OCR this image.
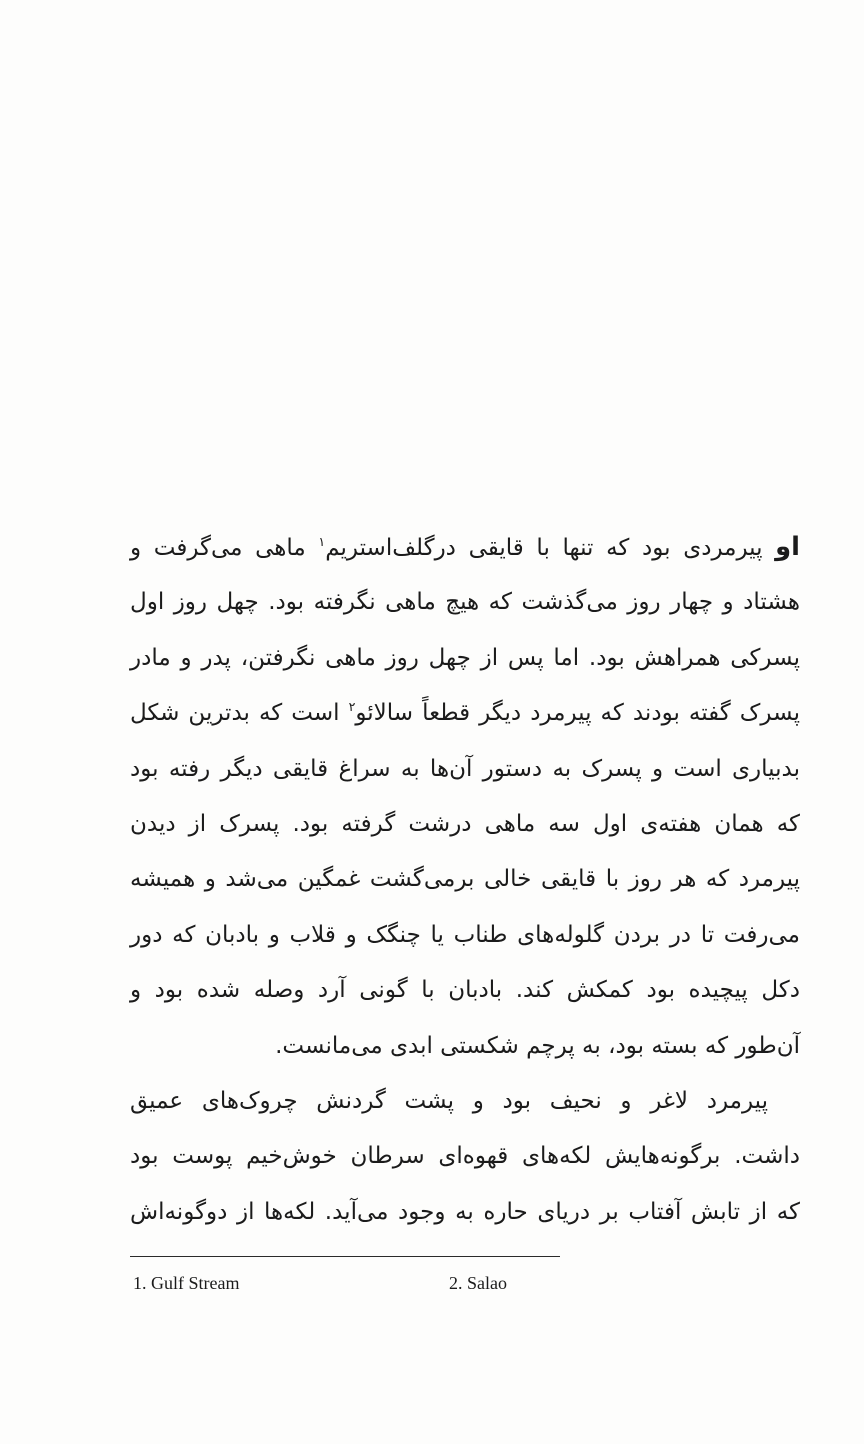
او پیرمردی بود که تنها با قایقی درگلف‌استریم$^۱$ ماهی می‌گرفت و
هشتاد و چهار روز می‌گذشت که هیچ ماهی نگرفته بود. چهل روز اول
پسرکی همراهش بود. اما پس از چهل روز ماهی نگرفتن، پدر و مادر
پسرک گفته بودند که پیرمرد دیگر قطعاً سالائو$^۲$ است که بدترین شکل
بدبیاری است و پسرک به دستور آن‌ها به سراغ قایقی دیگر رفته بود
که همان هفته‌ی اول سه ماهی درشت گرفته بود. پسرک از دیدن
پیرمرد که هر روز با قایقی خالی برمی‌گشت غمگین می‌شد و همیشه
می‌رفت تا در بردن گلوله‌های طناب یا چنگک و قلاب و بادبان که دور
دکل پیچیده بود کمکش کند. بادبان با گونی آرد وصله شده بود و
آن‌طور که بسته بود، به پرچم شکستی ابدی می‌مانست.
پیرمرد لاغر و نحیف بود و پشت گردنش چروک‌های عمیق
داشت. برگونه‌هایش لکه‌های قهوه‌ای سرطان خوش‌خیم پوست بود
که از تابش آفتاب بر دریای حاره به وجود می‌آید. لکه‌ها از دوگونه‌اش
1. Gulf Stream	2. Salao
